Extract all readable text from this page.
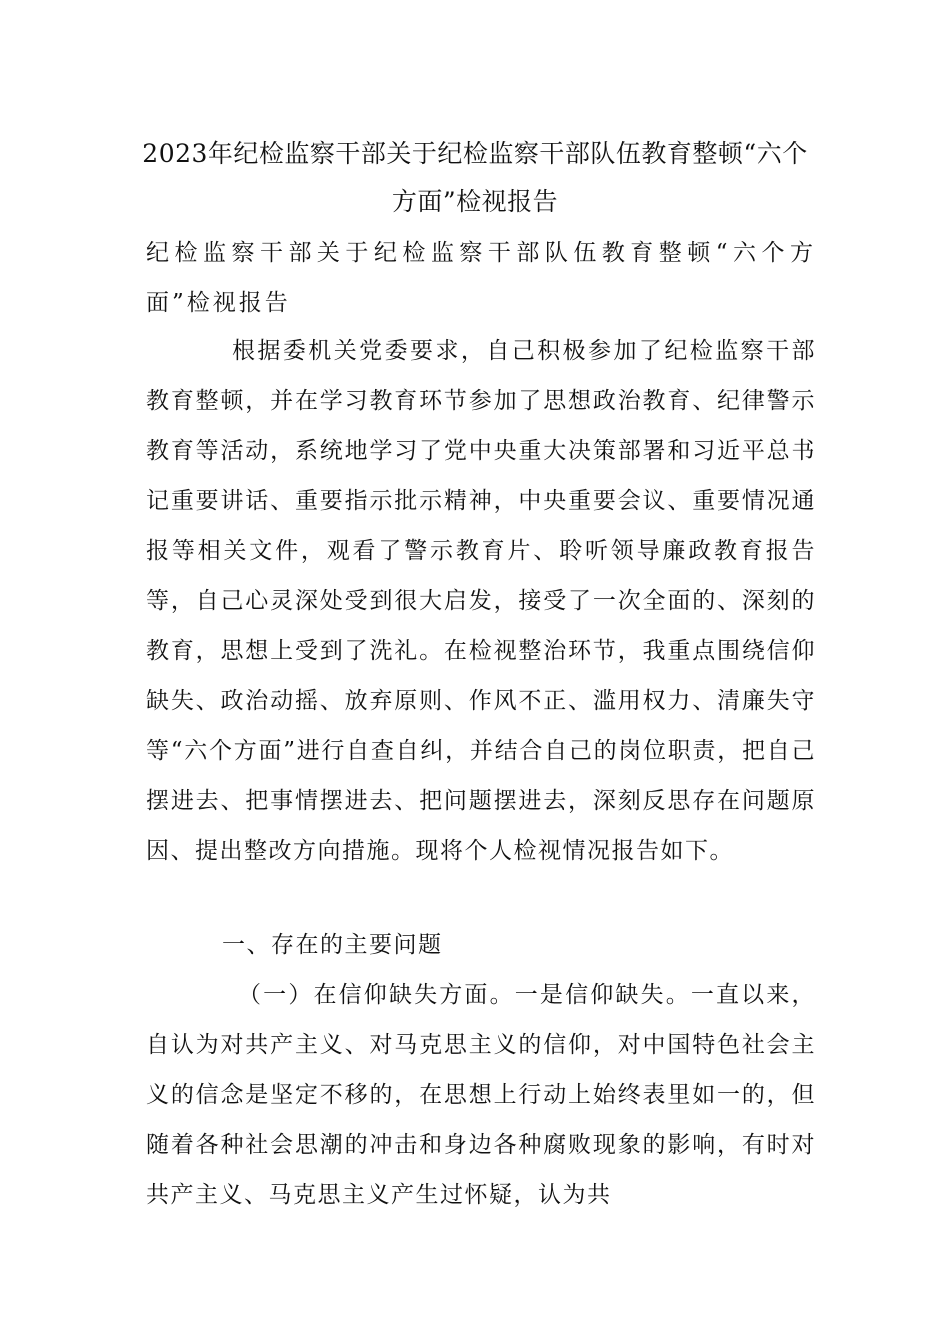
2023年纪检监察干部关于纪检监察干部队伍教育整顿“六个方面”检视报告

纪检监察干部关于纪检监察干部队伍教育整顿“六个方面”检视报告

根据委机关党委要求，自己积极参加了纪检监察干部教育整顿，并在学习教育环节参加了思想政治教育、纪律警示教育等活动，系统地学习了党中央重大决策部署和习近平总书记重要讲话、重要指示批示精神，中央重要会议、重要情况通报等相关文件，观看了警示教育片、聆听领导廉政教育报告等，自己心灵深处受到很大启发，接受了一次全面的、深刻的教育，思想上受到了洗礼。在检视整治环节，我重点围绕信仰缺失、政治动摇、放弃原则、作风不正、滥用权力、清廉失守等“六个方面”进行自查自纠，并结合自己的岗位职责，把自己摆进去、把事情摆进去、把问题摆进去，深刻反思存在问题原因、提出整改方向措施。现将个人检视情况报告如下。

一、存在的主要问题

（一）在信仰缺失方面。一是信仰缺失。一直以来，自认为对共产主义、对马克思主义的信仰，对中国特色社会主义的信念是坚定不移的，在思想上行动上始终表里如一的，但随着各种社会思潮的冲击和身边各种腐败现象的影响，有时对共产主义、马克思主义产生过怀疑，认为共
